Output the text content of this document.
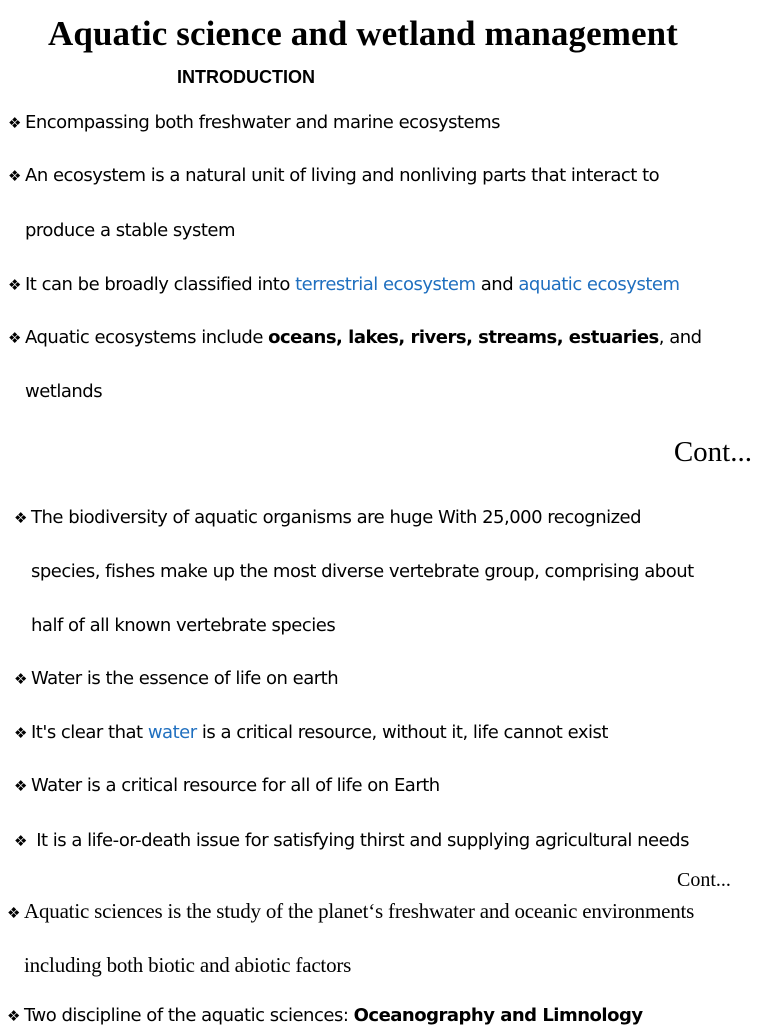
Aquatic science and wetland management
INTRODUCTION
❖ Encompassing both freshwater and marine ecosystems
❖ An ecosystem is a natural unit of living and nonliving parts that interact to
produce a stable system
❖ It can be broadly classified into terrestrial ecosystem and aquatic ecosystem
❖ Aquatic ecosystems include oceans, lakes, rivers, streams, estuaries, and
wetlands
Cont...
❖ The biodiversity of aquatic organisms are huge With 25,000 recognized
species, fishes make up the most diverse vertebrate group, comprising about
half of all known vertebrate species
❖ Water is the essence of life on earth
❖ It's clear that water is a critical resource, without it, life cannot exist
❖ Water is a critical resource for all of life on Earth
❖ It is a life-or-death issue for satisfying thirst and supplying agricultural needs
Cont...
❖ Aquatic sciences is the study of the planet‘s freshwater and oceanic environments
including both biotic and abiotic factors
❖ Two discipline of the aquatic sciences: Oceanography and Limnology
